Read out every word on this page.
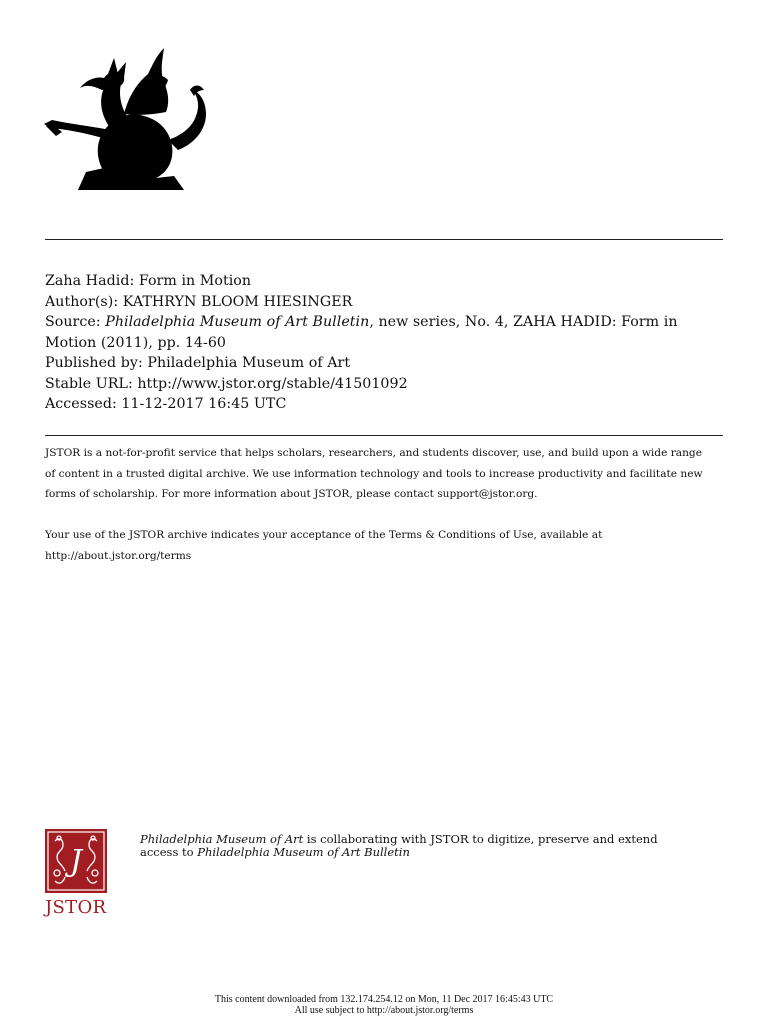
Zaha Hadid: Form in Motion
Author(s): KATHRYN BLOOM HIESINGER
Source: Philadelphia Museum of Art Bulletin, new series, No. 4, ZAHA HADID: Form in
Motion (2011), pp. 14-60
Published by: Philadelphia Museum of Art
Stable URL: http://www.jstor.org/stable/41501092
Accessed: 11-12-2017 16:45 UTC

JSTOR is a not-for-profit service that helps scholars, researchers, and students discover, use, and build upon a wide range of content in a trusted digital archive. We use information technology and tools to increase productivity and facilitate new forms of scholarship. For more information about JSTOR, please contact support@jstor.org.

Your use of the JSTOR archive indicates your acceptance of the Terms & Conditions of Use, available at
http://about.jstor.org/terms

J
JSTOR
Philadelphia Museum of Art is collaborating with JSTOR to digitize, preserve and extend
access to Philadelphia Museum of Art Bulletin
This content downloaded from 132.174.254.12 on Mon, 11 Dec 2017 16:45:43 UTC
All use subject to http://about.jstor.org/terms
